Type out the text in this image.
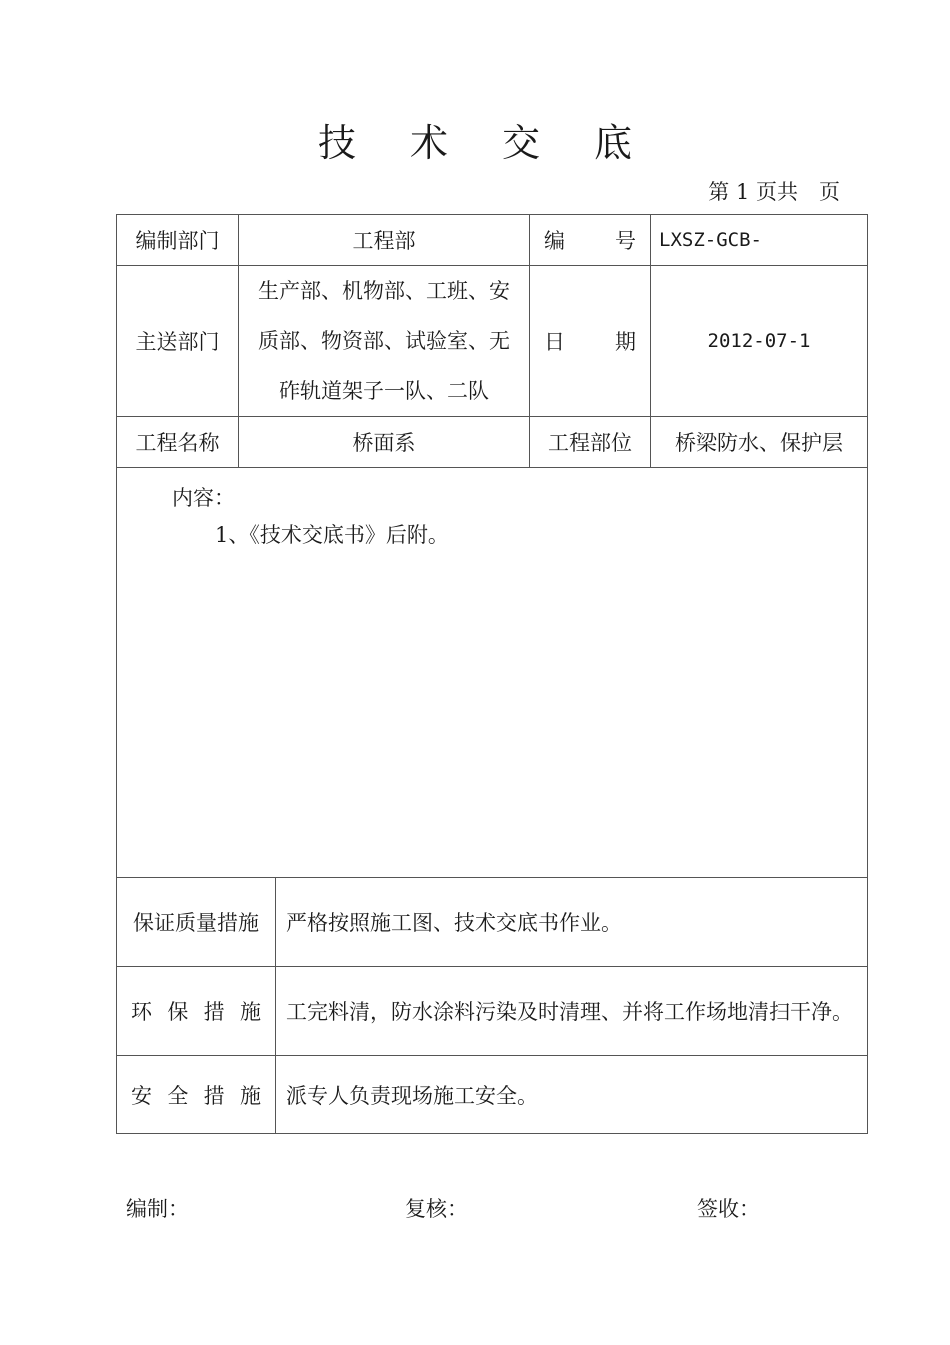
技术交底
第 1 页共　页
编制部门	工程部		编　　号	LXSZ-GCB-
主送部门	生产部、机物部、工班、安
质部、物资部、试验室、无
砟轨道架子一队、二队		日　　期	2012-07-1
工程名称	桥面系		工程部位	桥梁防水、保护层

内容：
1、《技术交底书》后附。				

保证质量措施		严格按照施工图、技术交底书作业。		
环保措施		工完料清，防水涂料污染及时清理、并将工作场地清扫干净。		
安全措施		派专人负责现场施工安全。		
编制：	复核：	签收：
